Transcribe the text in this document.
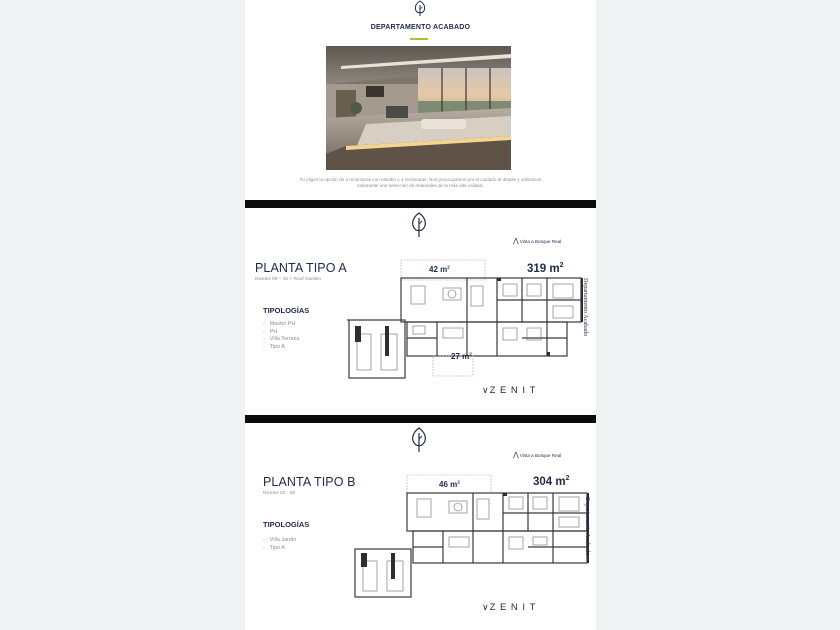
DEPARTAMENTO ACABADO
Tu eliges la opción de 3 recámaras con estudio o 4 recámaras. Nos preocupamos por el cuidado al detalle y utilizamos solamente una selección de materiales de la más alta calidad.
⋀Vista a Bosque Real
PLANTA TIPO A
Niveles 09 – 15 + Roof Garden
TIPOLOGÍAS
- Master PH
- PH
- Villa Terraza
- Tipo A
42 $m^2$	319 $m^2$
27 $m^2$
Departamento Acabado
∨ZENIT
⋀Vista a Bosque Real
PLANTA TIPO B
Niveles 02 - 06
TIPOLOGÍAS
- Villa Jardín
- Tipo A
46 $m^2$	304 $m^2$
Departamento Acabado
∨ZENIT
